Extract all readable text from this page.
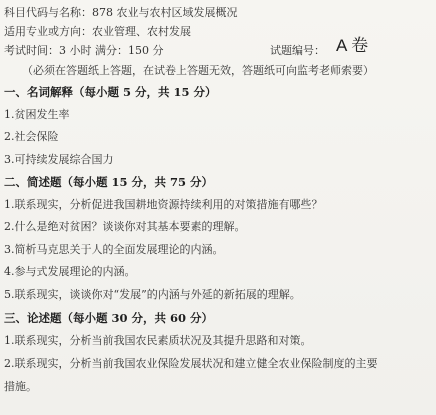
科目代码与名称：878 农业与农村区域发展概况
适用专业或方向：农业管理、农村发展
考试时间：3 小时 满分：150 分	试题编号： A 卷
（必须在答题纸上答题，在试卷上答题无效，答题纸可向监考老师索要）
一、名词解释（每小题 5 分，共 15 分）
1.贫困发生率
2.社会保险
3.可持续发展综合国力
二、简述题（每小题 15 分，共 75 分）
1.联系现实，分析促进我国耕地资源持续利用的对策措施有哪些？
2.什么是绝对贫困？谈谈你对其基本要素的理解。
3.简析马克思关于人的全面发展理论的内涵。
4.参与式发展理论的内涵。
5.联系现实，谈谈你对“发展”的内涵与外延的新拓展的理解。
三、论述题（每小题 30 分，共 60 分）
1.联系现实，分析当前我国农民素质状况及其提升思路和对策。
2.联系现实，分析当前我国农业保险发展状况和建立健全农业保险制度的主要
措施。
